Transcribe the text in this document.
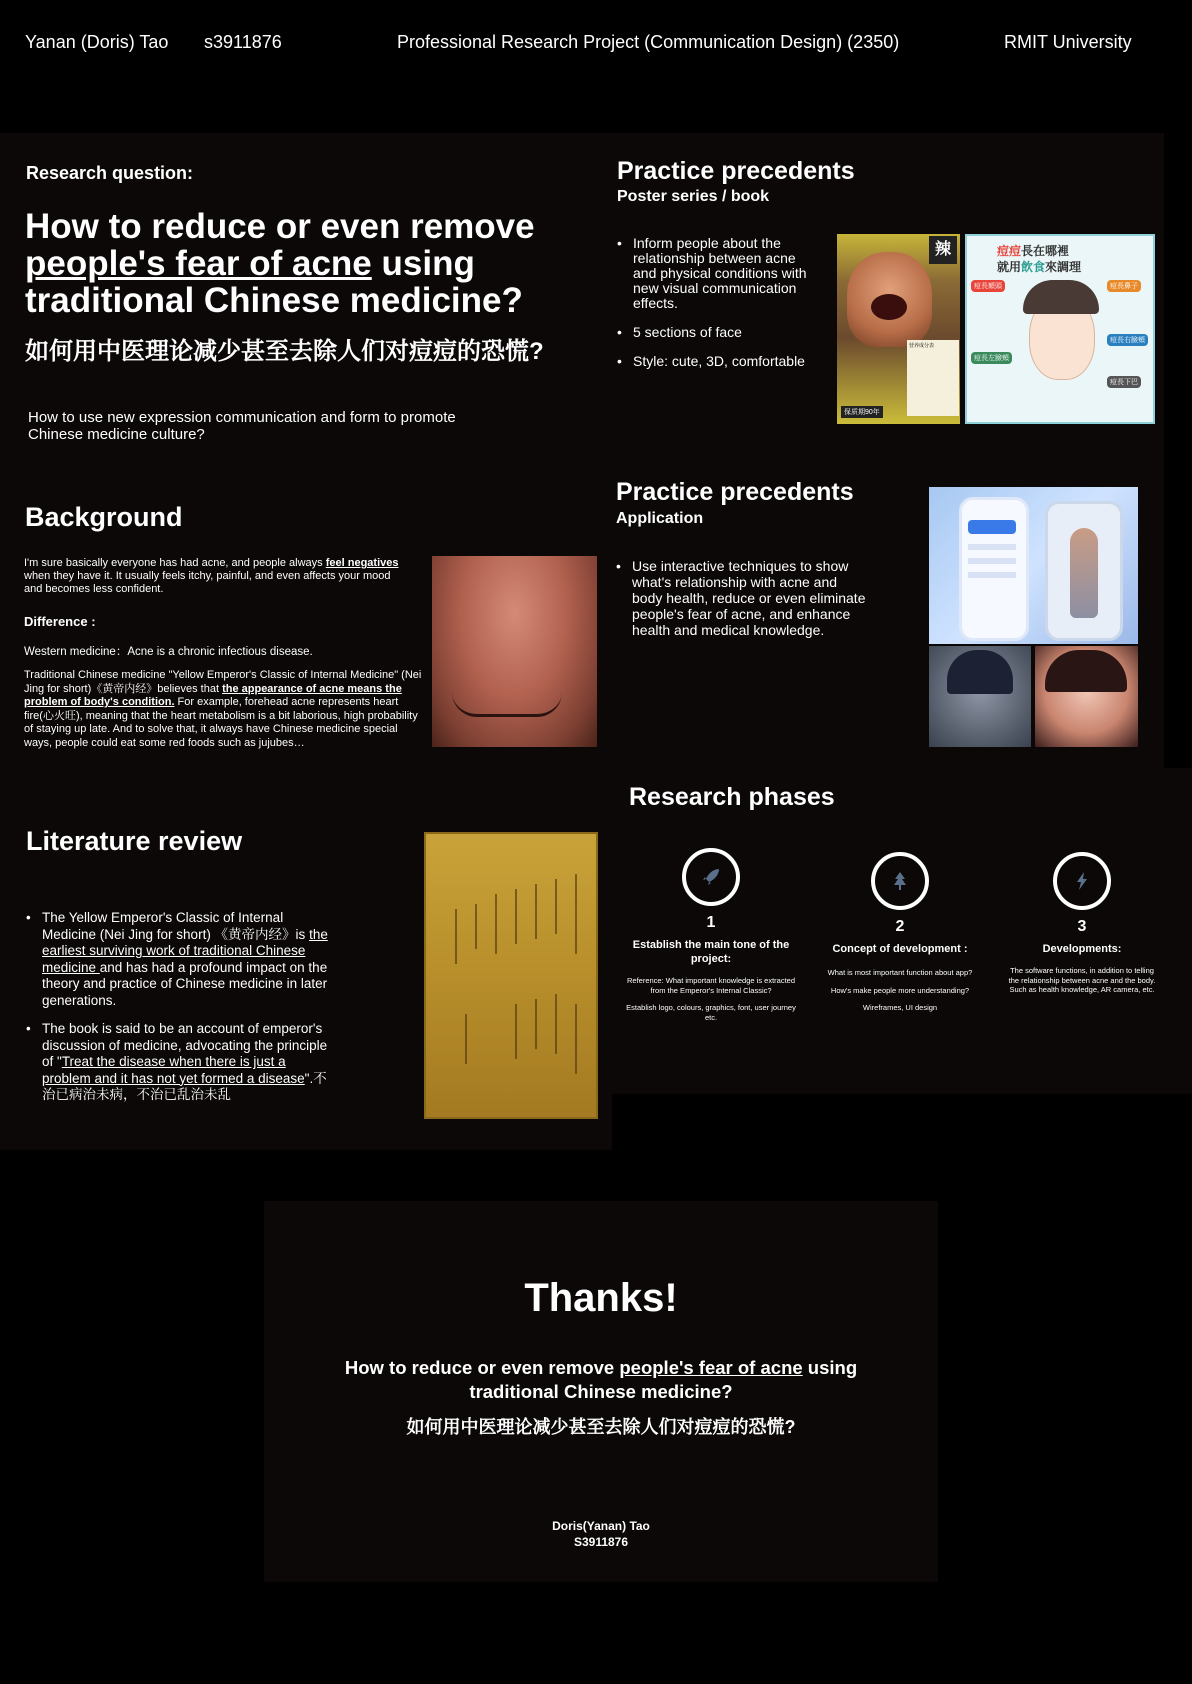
Yanan (Doris) Tao s3911876	Professional Research Project (Communication Design) (2350)	RMIT University
Research question:
How to reduce or even remove people's fear of acne using traditional Chinese medicine?
如何用中医理论减少甚至去除人们对痘痘的恐慌?
How to use new expression communication and form to promote Chinese medicine culture?
Practice precedents
Poster series / book
• Inform people about the relationship between acne and physical conditions with new visual communication effects.
• 5 sections of face
• Style: cute, 3D, comfortable
辣
营养成分表
保质期90年
痘痘長在哪裡
就用飲食來調理
痘長額頭
痘長左臉頰
痘長右臉頰
痘長下巴
痘長鼻子
Practice precedents
Application
• Use interactive techniques to show what's relationship with acne and body health, reduce or even eliminate people's fear of acne, and enhance health and medical knowledge.
Background
I'm sure basically everyone has had acne, and people always feel negatives when they have it. It usually feels itchy, painful, and even affects your mood and becomes less confident.
Difference :
Western medicine：Acne is a chronic infectious disease.
Traditional Chinese medicine "Yellow Emperor's Classic of Internal Medicine" (Nei Jing for short)《黄帝内经》believes that the appearance of acne means the problem of body's condition. For example, forehead acne represents heart fire(心火旺), meaning that the heart metabolism is a bit laborious, high probability of staying up late. And to solve that, it always have Chinese medicine special ways, people could eat some red foods such as jujubes…
Literature review
• The Yellow Emperor's Classic of Internal Medicine (Nei Jing for short) 《黄帝内经》is the earliest surviving work of traditional Chinese medicine and has had a profound impact on the theory and practice of Chinese medicine in later generations.
• The book is said to be an account of emperor's discussion of medicine, advocating the principle of "Treat the disease when there is just a problem and it has not yet formed a disease".不治已病治未病，不治已乱治未乱
Research phases
1
Establish the main tone of the project:
Reference: What important knowledge is extracted from the Emperor's Internal Classic?
Establish logo, colours, graphics, font, user journey etc.
2
Concept of development :
What is most important function about app?
How's make people more understanding?
Wireframes, UI design
3
Developments:
The software functions, in addition to telling the relationship between acne and the body. Such as health knowledge, AR camera, etc.
Thanks!
How to reduce or even remove people's fear of acne using traditional Chinese medicine?
如何用中医理论减少甚至去除人们对痘痘的恐慌?
Doris(Yanan) Tao
S3911876
